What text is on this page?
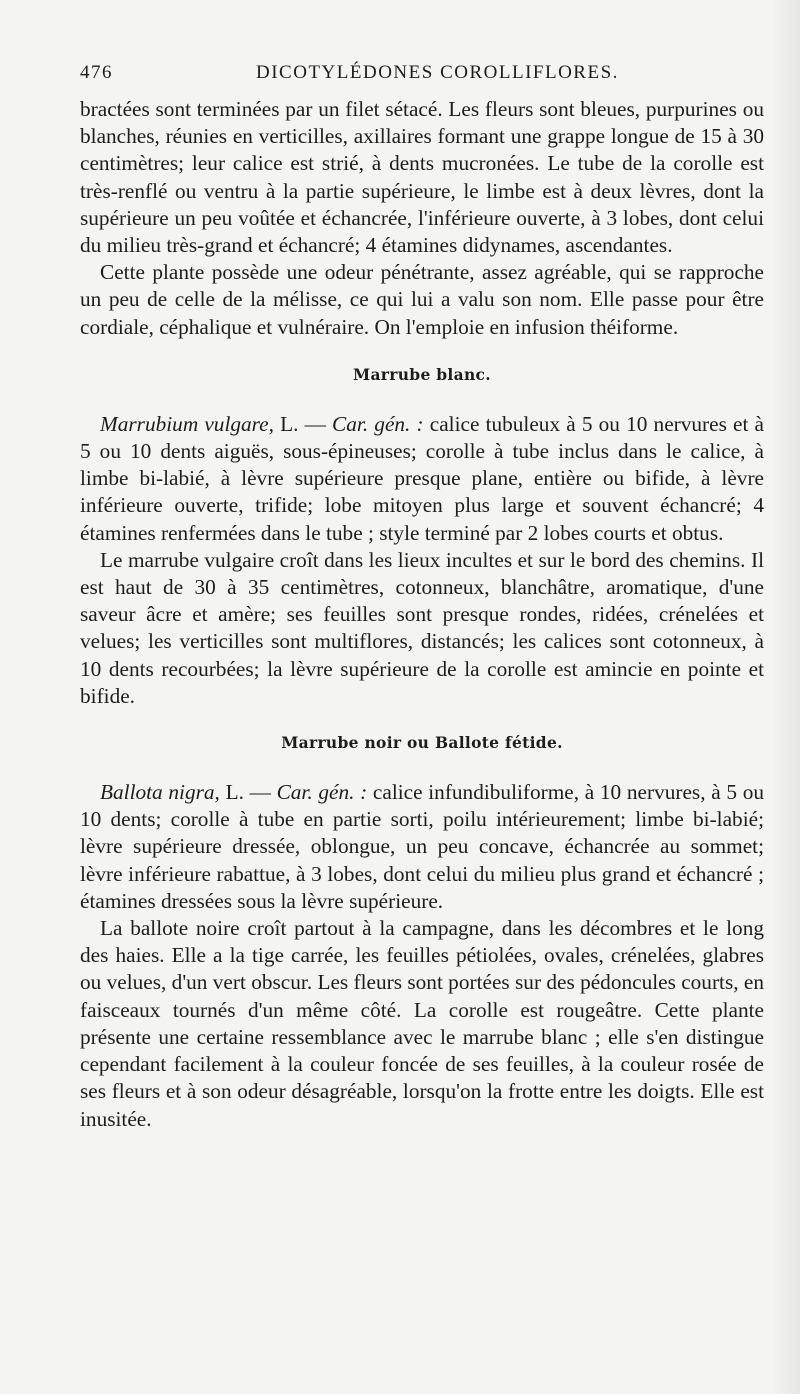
476	DICOTYLÉDONES COROLLIFLORES.

bractées sont terminées par un filet sétacé. Les fleurs sont bleues, purpurines ou blanches, réunies en verticilles, axillaires formant une grappe longue de 15 à 30 centimètres; leur calice est strié, à dents mucronées. Le tube de la corolle est très-renflé ou ventru à la partie supérieure, le limbe est à deux lèvres, dont la supérieure un peu voûtée et échancrée, l'inférieure ouverte, à 3 lobes, dont celui du milieu très-grand et échancré; 4 étamines didynames, ascendantes.

Cette plante possède une odeur pénétrante, assez agréable, qui se rapproche un peu de celle de la mélisse, ce qui lui a valu son nom. Elle passe pour être cordiale, céphalique et vulnéraire. On l'emploie en infusion théiforme.

Marrube blanc.

Marrubium vulgare, L. — Car. gén. : calice tubuleux à 5 ou 10 nervures et à 5 ou 10 dents aiguës, sous-épineuses; corolle à tube inclus dans le calice, à limbe bi-labié, à lèvre supérieure presque plane, entière ou bifide, à lèvre inférieure ouverte, trifide; lobe mitoyen plus large et souvent échancré; 4 étamines renfermées dans le tube ; style terminé par 2 lobes courts et obtus.

Le marrube vulgaire croît dans les lieux incultes et sur le bord des chemins. Il est haut de 30 à 35 centimètres, cotonneux, blanchâtre, aromatique, d'une saveur âcre et amère; ses feuilles sont presque rondes, ridées, crénelées et velues; les verticilles sont multiflores, distancés; les calices sont cotonneux, à 10 dents recourbées; la lèvre supérieure de la corolle est amincie en pointe et bifide.

Marrube noir ou Ballote fétide.

Ballota nigra, L. — Car. gén. : calice infundibuliforme, à 10 nervures, à 5 ou 10 dents; corolle à tube en partie sorti, poilu intérieurement; limbe bi-labié; lèvre supérieure dressée, oblongue, un peu concave, échancrée au sommet; lèvre inférieure rabattue, à 3 lobes, dont celui du milieu plus grand et échancré ; étamines dressées sous la lèvre supérieure.

La ballote noire croît partout à la campagne, dans les décombres et le long des haies. Elle a la tige carrée, les feuilles pétiolées, ovales, crénelées, glabres ou velues, d'un vert obscur. Les fleurs sont portées sur des pédoncules courts, en faisceaux tournés d'un même côté. La corolle est rougeâtre. Cette plante présente une certaine ressemblance avec le marrube blanc ; elle s'en distingue cependant facilement à la couleur foncée de ses feuilles, à la couleur rosée de ses fleurs et à son odeur désagréable, lorsqu'on la frotte entre les doigts. Elle est inusitée.
